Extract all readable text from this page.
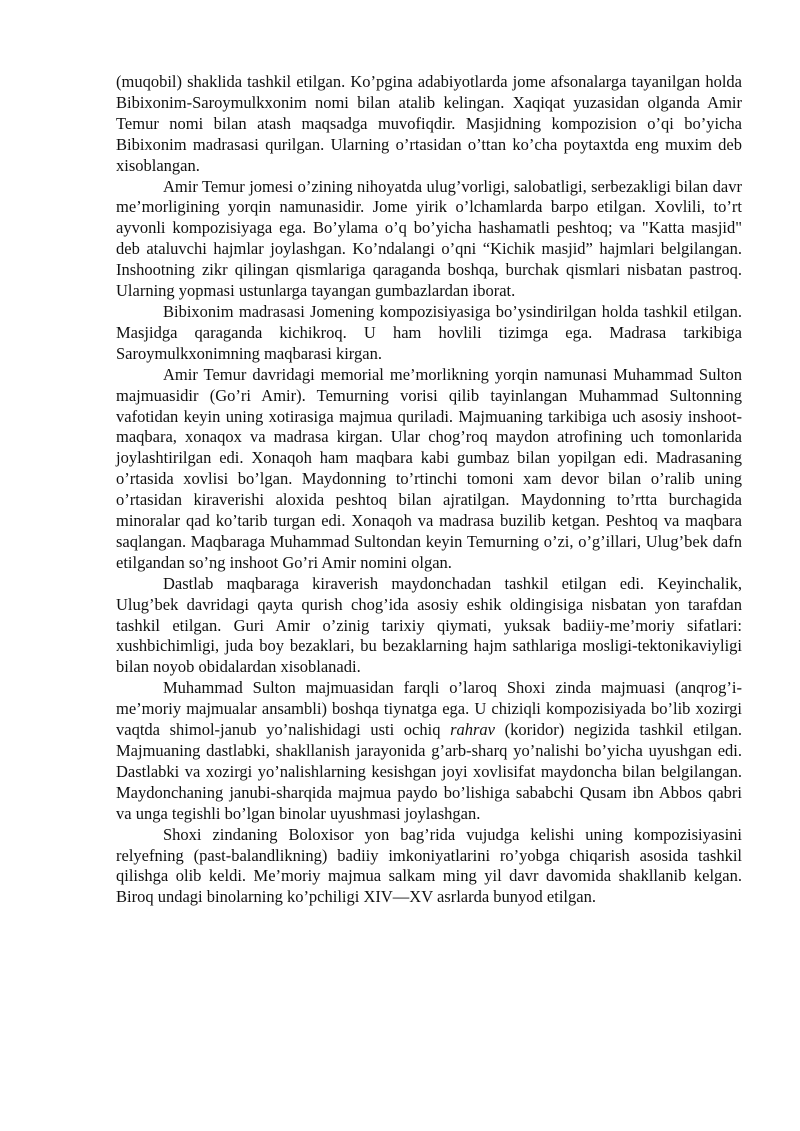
(muqobil) shaklida tashkil etilgan. Ko’pgina adabiyotlarda jome afsonalarga tayanilgan holda Bibixonim-Saroymulkxonim nomi bilan atalib kelingan. Xaqiqat yuzasidan olganda Amir Temur nomi bilan atash maqsadga muvofiqdir. Masjidning kompozision o’qi bo’yicha Bibixonim madrasasi qurilgan. Ularning o’rtasidan o’ttan ko’cha poytaxtda eng muxim deb xisoblangan.

Amir Temur jomesi o’zining nihoyatda ulug’vorligi, salobatligi, serbezakligi bilan davr me’morligining yorqin namunasidir. Jome yirik o’lchamlarda barpo etilgan. Xovlili, to’rt ayvonli kompozisiyaga ega. Bo’ylama o’q bo’yicha hashamatli peshtoq; va "Katta masjid" deb ataluvchi hajmlar joylashgan. Ko’ndalangi o’qni “Kichik masjid” hajmlari belgilangan. Inshootning zikr qilingan qismlariga qaraganda boshqa, burchak qismlari nisbatan pastroq. Ularning yopmasi ustunlarga tayangan gumbazlardan iborat.

Bibixonim madrasasi Jomening kompozisiyasiga bo’ysindirilgan holda tashkil etilgan. Masjidga qaraganda kichikroq. U ham hovlili tizimga ega. Madrasa tarkibiga Saroymulkxonimning maqbarasi kirgan.

Amir Temur davridagi memorial me’morlikning yorqin namunasi Muhammad Sulton majmuasidir (Go’ri Amir). Temurning vorisi qilib tayinlangan Muhammad Sultonning vafotidan keyin uning xotirasiga majmua quriladi. Majmuaning tarkibiga uch asosiy inshoot-maqbara, xonaqox va madrasa kirgan. Ular chog’roq maydon atrofining uch tomonlarida joylashtirilgan edi. Xonaqoh ham maqbara kabi gumbaz bilan yopilgan edi. Madrasaning o’rtasida xovlisi bo’lgan. Maydonning to’rtinchi tomoni xam devor bilan o’ralib uning o’rtasidan kiraverishi aloxida peshtoq bilan ajratilgan. Maydonning to’rtta burchagida minoralar qad ko’tarib turgan edi. Xonaqoh va madrasa buzilib ketgan. Peshtoq va maqbara saqlangan. Maqbaraga Muhammad Sultondan keyin Temurning o’zi, o’g’illari, Ulug’bek dafn etilgandan so’ng inshoot Go’ri Amir nomini olgan.

Dastlab maqbaraga kiraverish maydonchadan tashkil etilgan edi. Keyinchalik, Ulug’bek davridagi qayta qurish chog’ida asosiy eshik oldingisiga nisbatan yon tarafdan tashkil etilgan. Guri Amir o’zinig tarixiy qiymati, yuksak badiiy-me’moriy sifatlari: xushbichimligi, juda boy bezaklari, bu bezaklarning hajm sathlariga mosligi-tektonikaviyligi bilan noyob obidalardan xisoblanadi.

Muhammad Sulton majmuasidan farqli o’laroq Shoxi zinda majmuasi (anqrog’i-me’moriy majmualar ansambli) boshqa tiynatga ega. U chiziqli kompozisiyada bo’lib xozirgi vaqtda shimol-janub yo’nalishidagi usti ochiq rahrav (koridor) negizida tashkil etilgan. Majmuaning dastlabki, shakllanish jarayonida g’arb-sharq yo’nalishi bo’yicha uyushgan edi. Dastlabki va xozirgi yo’nalishlarning kesishgan joyi xovlisifat maydoncha bilan belgilangan. Maydonchaning janubi-sharqida majmua paydo bo’lishiga sababchi Qusam ibn Abbos qabri va unga tegishli bo’lgan binolar uyushmasi joylashgan.

Shoxi zindaning Boloxisor yon bag’rida vujudga kelishi uning kompozisiyasini relyefning (past-balandlikning) badiiy imkoniyatlarini ro’yobga chiqarish asosida tashkil qilishga olib keldi. Me’moriy majmua salkam ming yil davr davomida shakllanib kelgan. Biroq undagi binolarning ko’pchiligi XIV—XV asrlarda bunyod etilgan.
